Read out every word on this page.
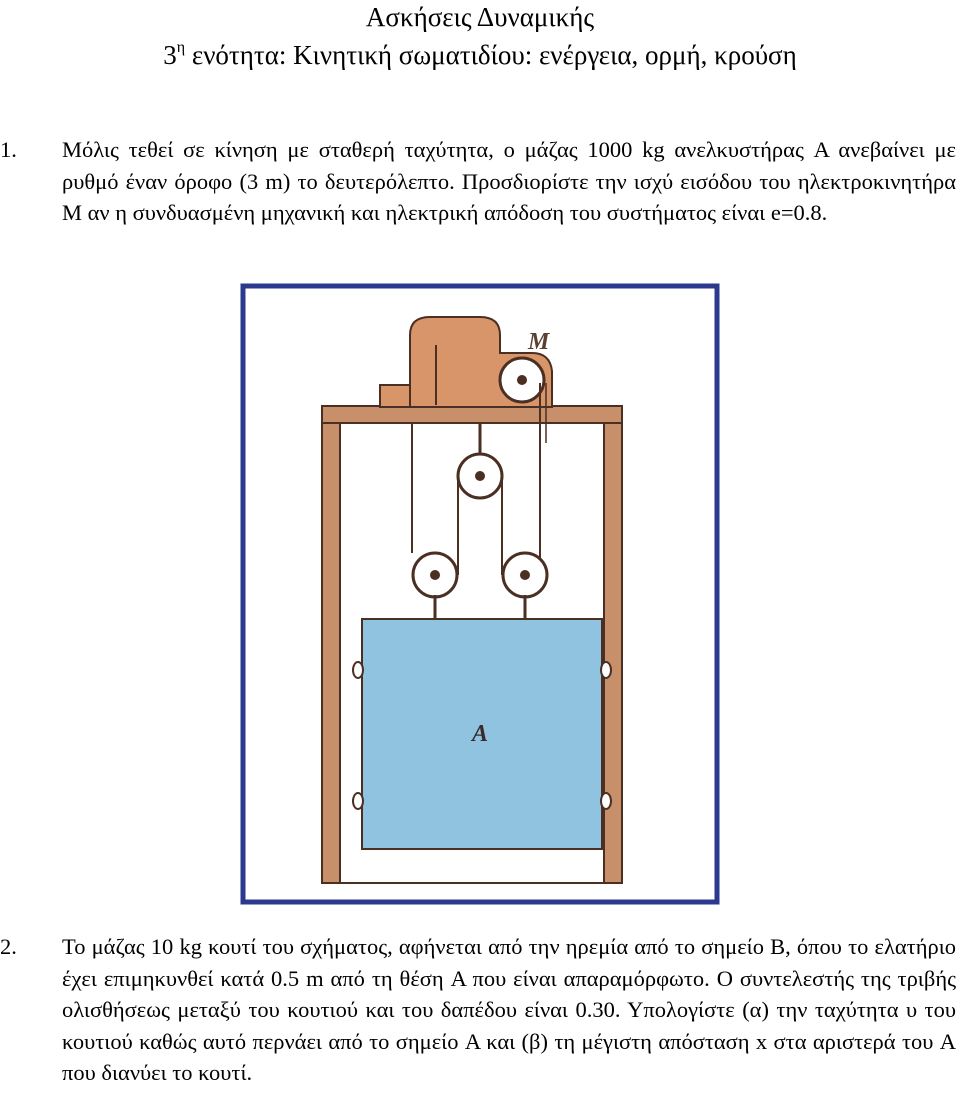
Ασκήσεις Δυναμικής
$3^\eta$ ενότητα: Κινητική σωματιδίου: ενέργεια, ορμή, κρούση
1.	Μόλις τεθεί σε κίνηση με σταθερή ταχύτητα, ο μάζας 1000 kg ανελκυστήρας A ανεβαίνει με ρυθμό έναν όροφο (3 m) το δευτερόλεπτο. Προσδιορίστε την ισχύ εισόδου του ηλεκτροκινητήρα M αν η συνδυασμένη μηχανική και ηλεκτρική απόδοση του συστήματος είναι e=0.8.
M
A
2.	Το μάζας 10 kg κουτί του σχήματος, αφήνεται από την ηρεμία από το σημείο B, όπου το ελατήριο έχει επιμηκυνθεί κατά 0.5 m από τη θέση A που είναι απαραμόρφωτο. Ο συντελεστής της τριβής ολισθήσεως μεταξύ του κουτιού και του δαπέδου είναι 0.30. Υπολογίστε (α) την ταχύτητα υ του κουτιού καθώς αυτό περνάει από το σημείο A και (β) τη μέγιστη απόσταση x στα αριστερά του A που διανύει το κουτί.
